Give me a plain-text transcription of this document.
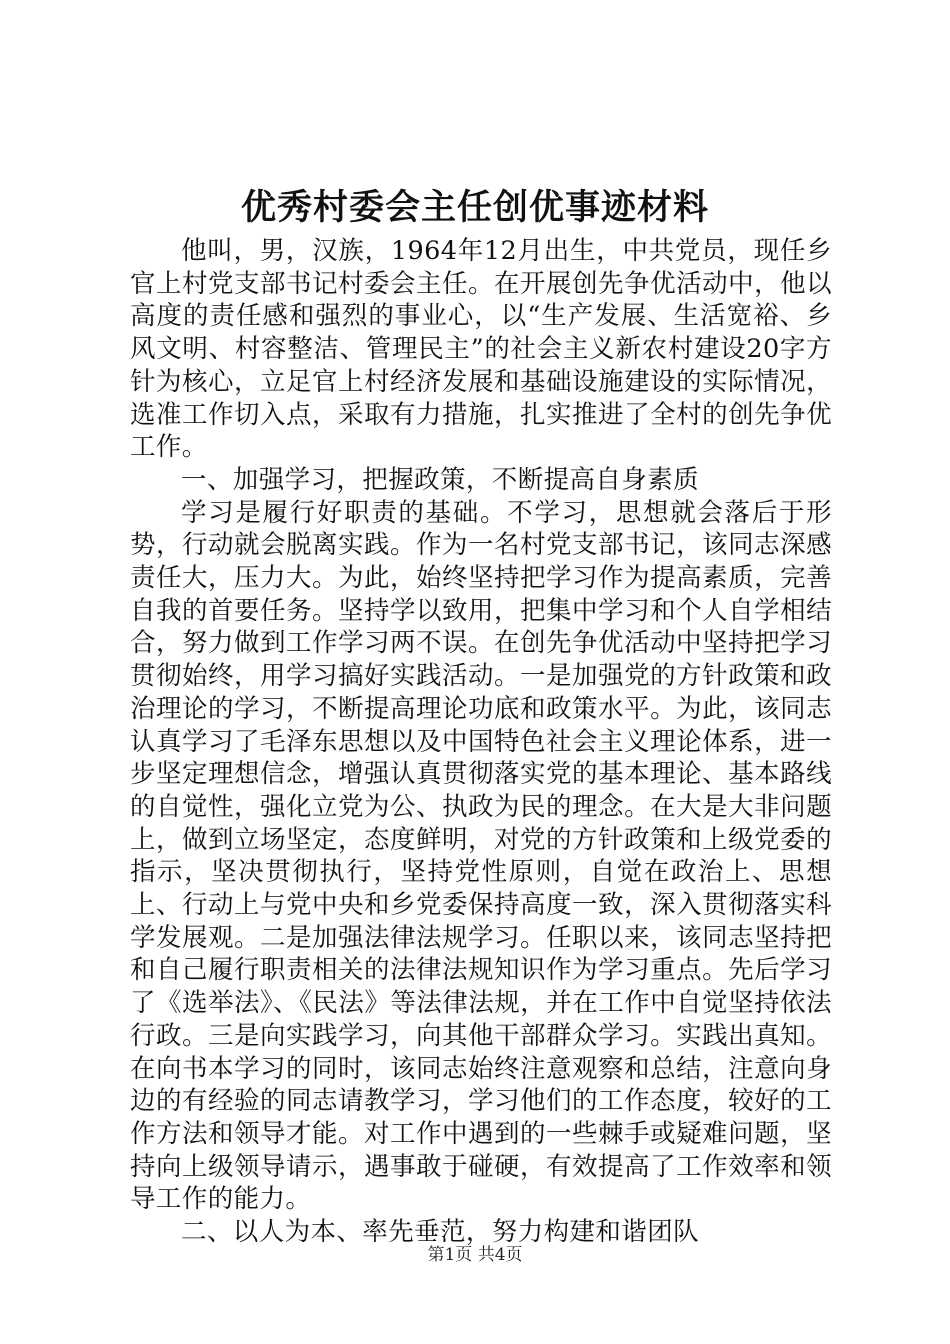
优秀村委会主任创优事迹材料

他叫，男，汉族，1964年12月出生，中共党员，现任乡官上村党支部书记村委会主任。在开展创先争优活动中，他以高度的责任感和强烈的事业心，以“生产发展、生活宽裕、乡风文明、村容整洁、管理民主”的社会主义新农村建设20字方针为核心，立足官上村经济发展和基础设施建设的实际情况，选准工作切入点，采取有力措施，扎实推进了全村的创先争优工作。

一、加强学习，把握政策，不断提高自身素质

学习是履行好职责的基础。不学习，思想就会落后于形势，行动就会脱离实践。作为一名村党支部书记，该同志深感责任大，压力大。为此，始终坚持把学习作为提高素质，完善自我的首要任务。坚持学以致用，把集中学习和个人自学相结合，努力做到工作学习两不误。在创先争优活动中坚持把学习贯彻始终，用学习搞好实践活动。一是加强党的方针政策和政治理论的学习，不断提高理论功底和政策水平。为此，该同志认真学习了毛泽东思想以及中国特色社会主义理论体系，进一步坚定理想信念，增强认真贯彻落实党的基本理论、基本路线的自觉性，强化立党为公、执政为民的理念。在大是大非问题上，做到立场坚定，态度鲜明，对党的方针政策和上级党委的指示，坚决贯彻执行，坚持党性原则，自觉在政治上、思想上、行动上与党中央和乡党委保持高度一致，深入贯彻落实科学发展观。二是加强法律法规学习。任职以来，该同志坚持把和自己履行职责相关的法律法规知识作为学习重点。先后学习了《选举法》、《民法》等法律法规，并在工作中自觉坚持依法行政。三是向实践学习，向其他干部群众学习。实践出真知。在向书本学习的同时，该同志始终注意观察和总结，注意向身边的有经验的同志请教学习，学习他们的工作态度，较好的工作方法和领导才能。对工作中遇到的一些棘手或疑难问题，坚持向上级领导请示，遇事敢于碰硬，有效提高了工作效率和领导工作的能力。

二、以人为本、率先垂范，努力构建和谐团队

第1页 共4页
